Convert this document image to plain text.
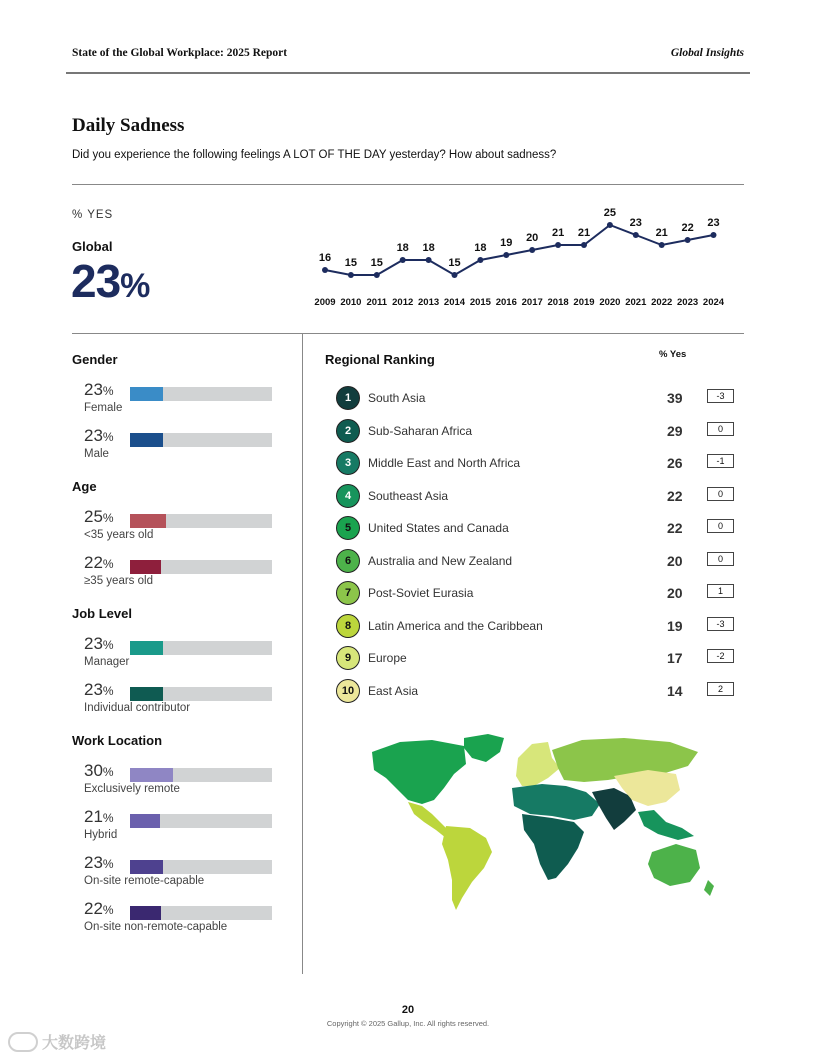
State of the Global Workplace: 2025 Report	Global Insights
Daily Sadness
Did you experience the following feelings A LOT OF THE DAY yesterday? How about sadness?
% YES
Global
23%
16
2009
15
2010
15
2011
18
2012
18
2013
15
2014
18
2015
19
2016
20
2017
21
2018
21
2019
25
2020
23
2021
21
2022
22
2023
23
2024
Gender
23%
Female
23%
Male
Age
25%
<35 years old
22%
≥35 years old
Job Level
23%
Manager
23%
Individual contributor
Work Location
30%
Exclusively remote
21%
Hybrid
23%
On-site remote-capable
22%
On-site non-remote-capable
Regional Ranking	% Yes
1	South Asia	39	-3
2	Sub-Saharan Africa	29	0
3	Middle East and North Africa	26	-1
4	Southeast Asia	22	0
5	United States and Canada	22	0
6	Australia and New Zealand	20	0
7	Post-Soviet Eurasia	20	1
8	Latin America and the Caribbean	19	-3
9	Europe	17	-2
10	East Asia	14	2
20
Copyright © 2025 Gallup, Inc. All rights reserved.
大数跨境
